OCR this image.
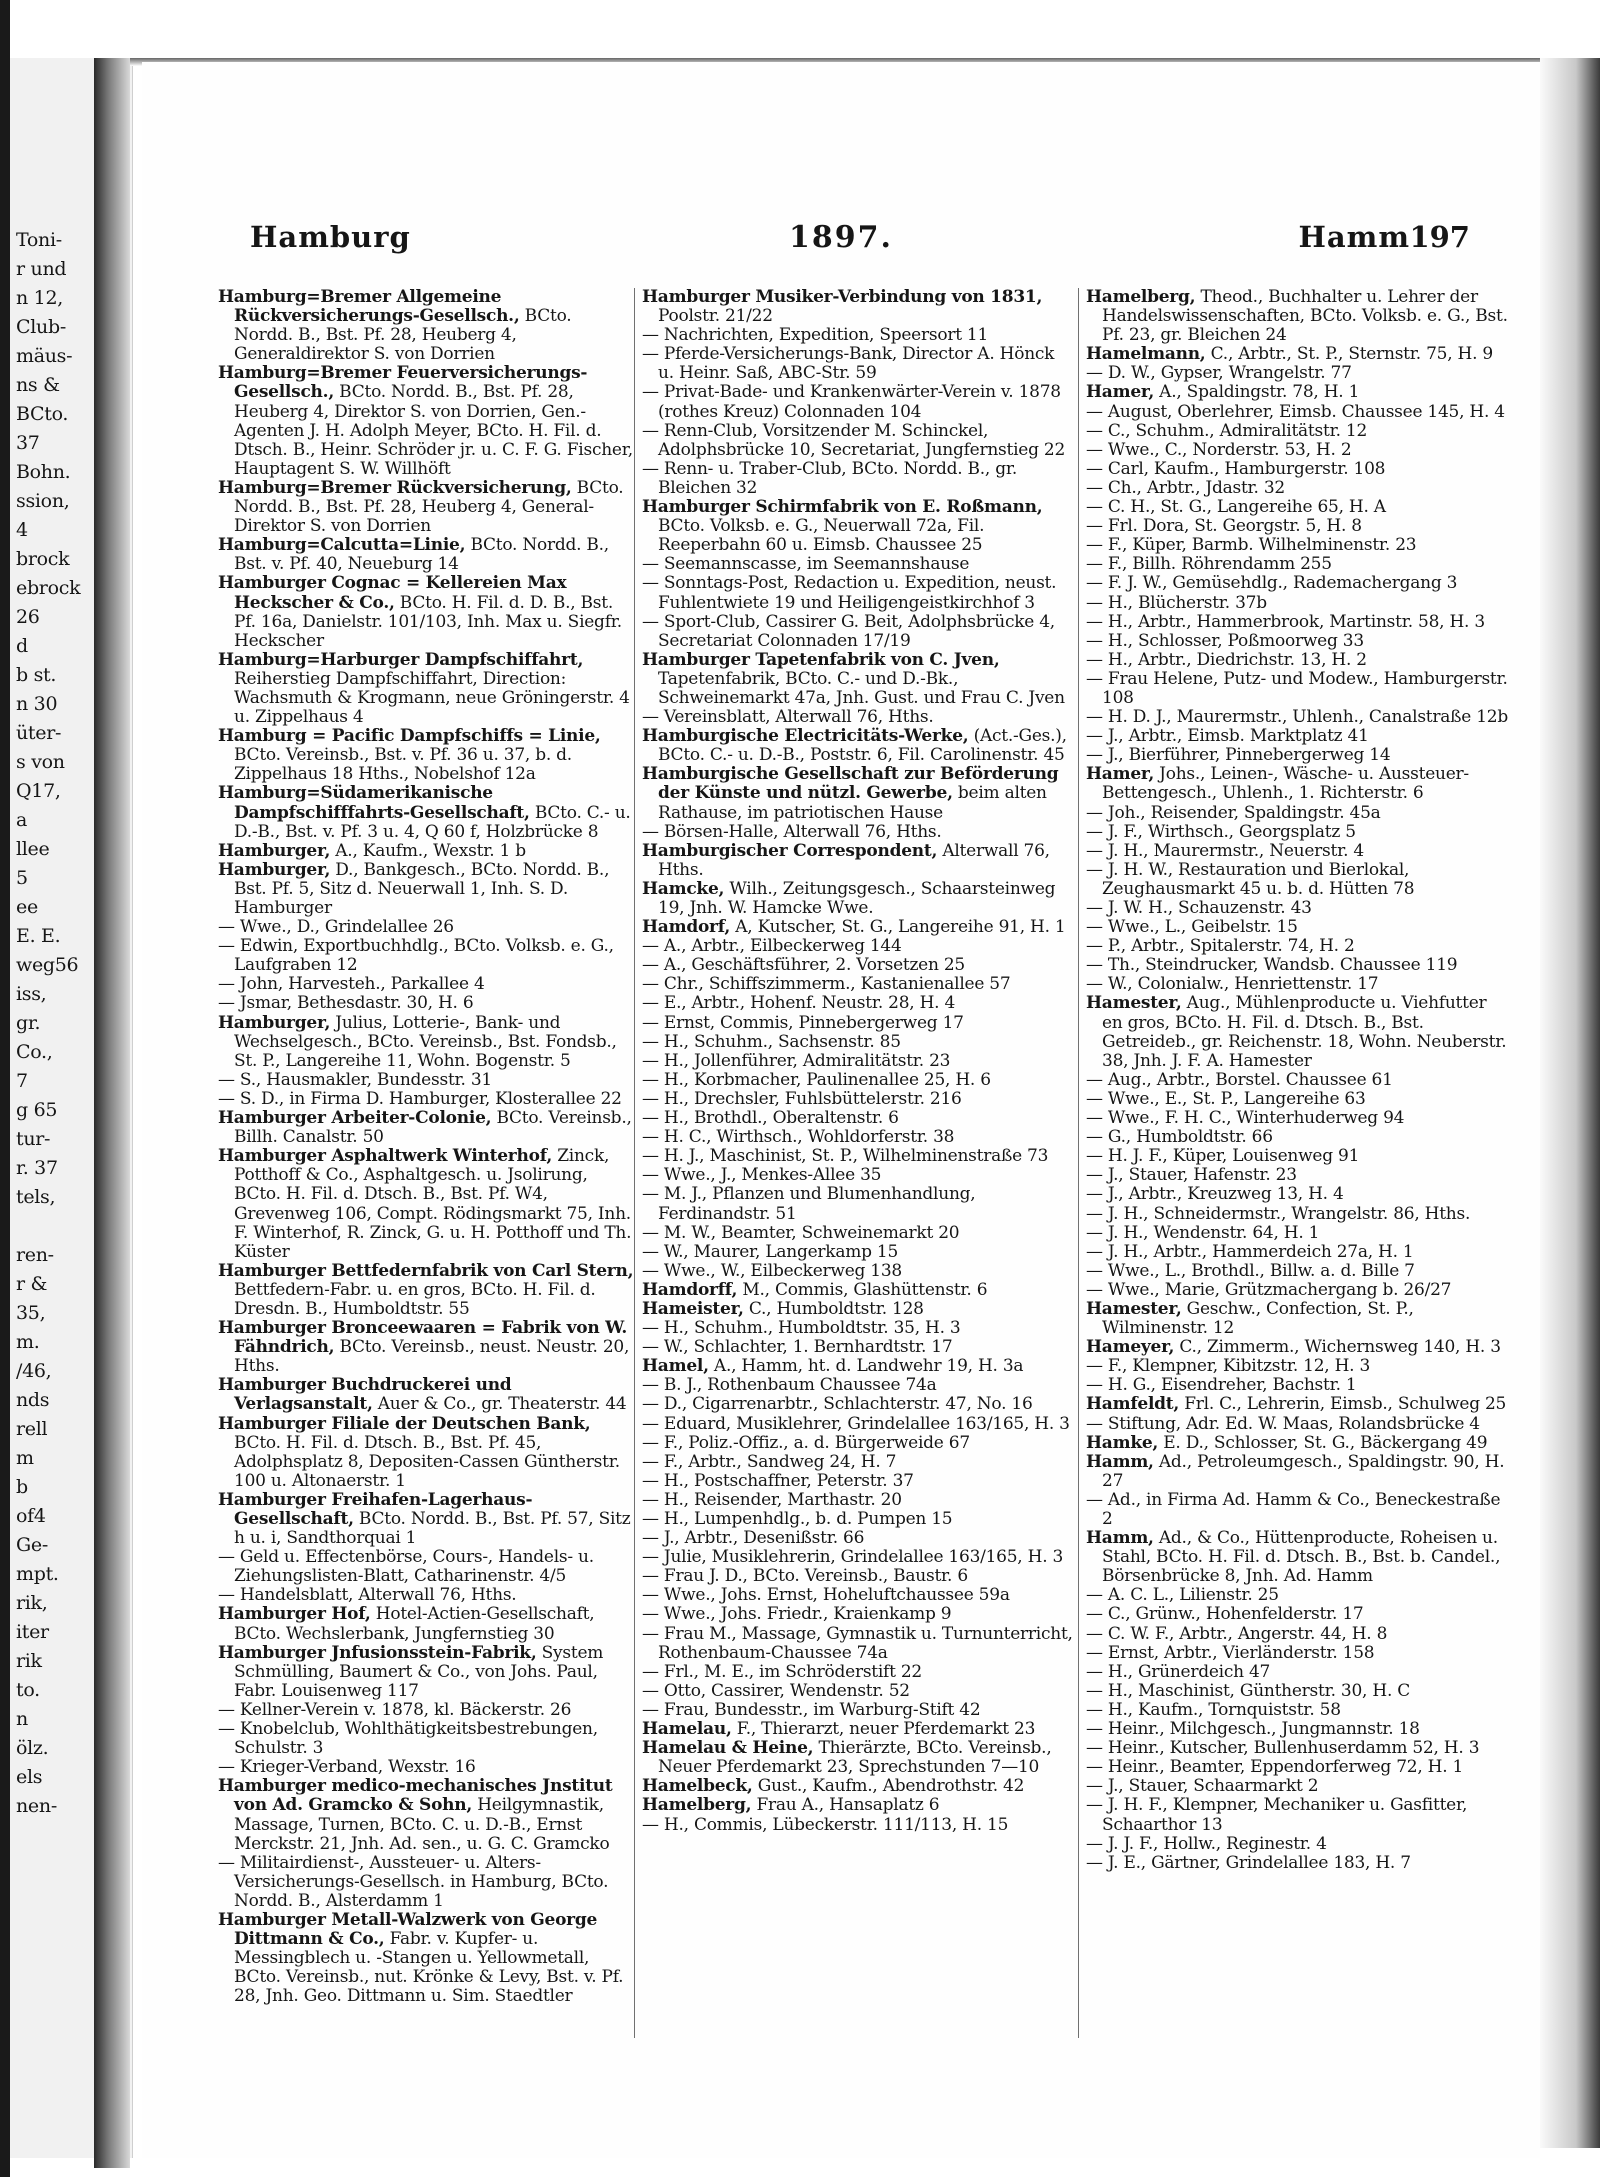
Toni-
r und
n 12,
Club-
mäus-
ns &
BCto.
37
Bohn.
ssion,
4
brock
ebrock
26
d
b st.
n 30
üter-
s von
Q17,
a
llee
5
ee
E. E.
weg56
iss,
gr.
Co.,
7
g 65
tur-
r. 37
tels,
ren-
r &
35,
m.
/46,
nds
rell
m
b
of4
Ge-
mpt.
rik,
iter
rik
to.
n
ölz.
els
nen-
Hamburg	1897.	Hamm 197

Hamburg=Bremer Allgemeine Rückversicherungs-Gesellsch., BCto. Nordd. B., Bst. Pf. 28, Heuberg 4, Generaldirektor S. von Dorrien

Hamburg=Bremer Feuerversicherungs-Gesellsch., BCto. Nordd. B., Bst. Pf. 28, Heuberg 4, Direktor S. von Dorrien, Gen.-Agenten J. H. Adolph Meyer, BCto. H. Fil. d. Dtsch. B., Heinr. Schröder jr. u. C. F. G. Fischer, Hauptagent S. W. Willhöft

Hamburg=Bremer Rückversicherung, BCto. Nordd. B., Bst. Pf. 28, Heuberg 4, General-Direktor S. von Dorrien

Hamburg=Calcutta=Linie, BCto. Nordd. B., Bst. v. Pf. 40, Neueburg 14

Hamburger Cognac = Kellereien Max Heckscher & Co., BCto. H. Fil. d. D. B., Bst. Pf. 16a, Danielstr. 101/103, Inh. Max u. Siegfr. Heckscher

Hamburg=Harburger Dampfschiffahrt, Reiherstieg Dampfschiffahrt, Direction: Wachsmuth & Krogmann, neue Gröningerstr. 4 u. Zippelhaus 4

Hamburg = Pacific Dampfschiffs = Linie, BCto. Vereinsb., Bst. v. Pf. 36 u. 37, b. d. Zippelhaus 18 Hths., Nobelshof 12a

Hamburg=Südamerikanische Dampfschifffahrts-Gesellschaft, BCto. C.- u. D.-B., Bst. v. Pf. 3 u. 4, Q 60 f, Holzbrücke 8

Hamburger, A., Kaufm., Wexstr. 1 b

Hamburger, D., Bankgesch., BCto. Nordd. B., Bst. Pf. 5, Sitz d. Neuerwall 1, Inh. S. D. Hamburger

— Wwe., D., Grindelallee 26

— Edwin, Exportbuchhdlg., BCto. Volksb. e. G., Laufgraben 12

— John, Harvesteh., Parkallee 4

— Jsmar, Bethesdastr. 30, H. 6

Hamburger, Julius, Lotterie-, Bank- und Wechselgesch., BCto. Vereinsb., Bst. Fondsb., St. P., Langereihe 11, Wohn. Bogenstr. 5

— S., Hausmakler, Bundesstr. 31

— S. D., in Firma D. Hamburger, Klosterallee 22

Hamburger Arbeiter-Colonie, BCto. Vereinsb., Billh. Canalstr. 50

Hamburger Asphaltwerk Winterhof, Zinck, Potthoff & Co., Asphaltgesch. u. Jsolirung, BCto. H. Fil. d. Dtsch. B., Bst. Pf. W4, Grevenweg 106, Compt. Rödingsmarkt 75, Inh. F. Winterhof, R. Zinck, G. u. H. Potthoff und Th. Küster

Hamburger Bettfedernfabrik von Carl Stern, Bettfedern-Fabr. u. en gros, BCto. H. Fil. d. Dresdn. B., Humboldtstr. 55

Hamburger Bronceewaaren = Fabrik von W. Fähndrich, BCto. Vereinsb., neust. Neustr. 20, Hths.

Hamburger Buchdruckerei und Verlagsanstalt, Auer & Co., gr. Theaterstr. 44

Hamburger Filiale der Deutschen Bank, BCto. H. Fil. d. Dtsch. B., Bst. Pf. 45, Adolphsplatz 8, Depositen-Cassen Güntherstr. 100 u. Altonaerstr. 1

Hamburger Freihafen-Lagerhaus-Gesellschaft, BCto. Nordd. B., Bst. Pf. 57, Sitz h u. i, Sandthorquai 1

— Geld u. Effectenbörse, Cours-, Handels- u. Ziehungslisten-Blatt, Catharinenstr. 4/5

— Handelsblatt, Alterwall 76, Hths.

Hamburger Hof, Hotel-Actien-Gesellschaft, BCto. Wechslerbank, Jungfernstieg 30

Hamburger Jnfusionsstein-Fabrik, System Schmülling, Baumert & Co., von Johs. Paul, Fabr. Louisenweg 117

— Kellner-Verein v. 1878, kl. Bäckerstr. 26

— Knobelclub, Wohlthätigkeitsbestrebungen, Schulstr. 3

— Krieger-Verband, Wexstr. 16

Hamburger medico-mechanisches Jnstitut von Ad. Gramcko & Sohn, Heilgymnastik, Massage, Turnen, BCto. C. u. D.-B., Ernst Merckstr. 21, Jnh. Ad. sen., u. G. C. Gramcko

— Militairdienst-, Aussteuer- u. Alters-Versicherungs-Gesellsch. in Hamburg, BCto. Nordd. B., Alsterdamm 1

Hamburger Metall-Walzwerk von George Dittmann & Co., Fabr. v. Kupfer- u. Messingblech u. -Stangen u. Yellowmetall, BCto. Vereinsb., nut. Krönke & Levy, Bst. v. Pf. 28, Jnh. Geo. Dittmann u. Sim. Staedtler

Hamburger Musiker-Verbindung von 1831, Poolstr. 21/22

— Nachrichten, Expedition, Speersort 11

— Pferde-Versicherungs-Bank, Director A. Hönck u. Heinr. Saß, ABC-Str. 59

— Privat-Bade- und Krankenwärter-Verein v. 1878 (rothes Kreuz) Colonnaden 104

— Renn-Club, Vorsitzender M. Schinckel, Adolphsbrücke 10, Secretariat, Jungfernstieg 22

— Renn- u. Traber-Club, BCto. Nordd. B., gr. Bleichen 32

Hamburger Schirmfabrik von E. Roßmann, BCto. Volksb. e. G., Neuerwall 72a, Fil. Reeperbahn 60 u. Eimsb. Chaussee 25

— Seemannscasse, im Seemannshause

— Sonntags-Post, Redaction u. Expedition, neust. Fuhlentwiete 19 und Heiligengeistkirchhof 3

— Sport-Club, Cassirer G. Beit, Adolphsbrücke 4, Secretariat Colonnaden 17/19

Hamburger Tapetenfabrik von C. Jven, Tapetenfabrik, BCto. C.- und D.-Bk., Schweinemarkt 47a, Jnh. Gust. und Frau C. Jven

— Vereinsblatt, Alterwall 76, Hths.

Hamburgische Electricitäts-Werke, (Act.-Ges.), BCto. C.- u. D.-B., Poststr. 6, Fil. Carolinenstr. 45

Hamburgische Gesellschaft zur Beförderung der Künste und nützl. Gewerbe, beim alten Rathause, im patriotischen Hause

— Börsen-Halle, Alterwall 76, Hths.

Hamburgischer Correspondent, Alterwall 76, Hths.

Hamcke, Wilh., Zeitungsgesch., Schaarsteinweg 19, Jnh. W. Hamcke Wwe.

Hamdorf, A, Kutscher, St. G., Langereihe 91, H. 1

— A., Arbtr., Eilbeckerweg 144

— A., Geschäftsführer, 2. Vorsetzen 25

— Chr., Schiffszimmerm., Kastanienallee 57

— E., Arbtr., Hohenf. Neustr. 28, H. 4

— Ernst, Commis, Pinnebergerweg 17

— H., Schuhm., Sachsenstr. 85

— H., Jollenführer, Admiralitätstr. 23

— H., Korbmacher, Paulinenallee 25, H. 6

— H., Drechsler, Fuhlsbüttelerstr. 216

— H., Brothdl., Oberaltenstr. 6

— H. C., Wirthsch., Wohldorferstr. 38

— H. J., Maschinist, St. P., Wilhelminenstraße 73

— Wwe., J., Menkes-Allee 35

— M. J., Pflanzen und Blumenhandlung, Ferdinandstr. 51

— M. W., Beamter, Schweinemarkt 20

— W., Maurer, Langerkamp 15

— Wwe., W., Eilbeckerweg 138

Hamdorff, M., Commis, Glashüttenstr. 6

Hameister, C., Humboldtstr. 128

— H., Schuhm., Humboldtstr. 35, H. 3

— W., Schlachter, 1. Bernhardtstr. 17

Hamel, A., Hamm, ht. d. Landwehr 19, H. 3a

— B. J., Rothenbaum Chaussee 74a

— D., Cigarrenarbtr., Schlachterstr. 47, No. 16

— Eduard, Musiklehrer, Grindelallee 163/165, H. 3

— F., Poliz.-Offiz., a. d. Bürgerweide 67

— F., Arbtr., Sandweg 24, H. 7

— H., Postschaffner, Peterstr. 37

— H., Reisender, Marthastr. 20

— H., Lumpenhdlg., b. d. Pumpen 15

— J., Arbtr., Desenißstr. 66

— Julie, Musiklehrerin, Grindelallee 163/165, H. 3

— Frau J. D., BCto. Vereinsb., Baustr. 6

— Wwe., Johs. Ernst, Hoheluftchaussee 59a

— Wwe., Johs. Friedr., Kraienkamp 9

— Frau M., Massage, Gymnastik u. Turnunterricht, Rothenbaum-Chaussee 74a

— Frl., M. E., im Schröderstift 22

— Otto, Cassirer, Wendenstr. 52

— Frau, Bundesstr., im Warburg-Stift 42

Hamelau, F., Thierarzt, neuer Pferdemarkt 23

Hamelau & Heine, Thierärzte, BCto. Vereinsb., Neuer Pferdemarkt 23, Sprechstunden 7—10

Hamelbeck, Gust., Kaufm., Abendrothstr. 42

Hamelberg, Frau A., Hansaplatz 6

— H., Commis, Lübeckerstr. 111/113, H. 15

Hamelberg, Theod., Buchhalter u. Lehrer der Handelswissenschaften, BCto. Volksb. e. G., Bst. Pf. 23, gr. Bleichen 24

Hamelmann, C., Arbtr., St. P., Sternstr. 75, H. 9

— D. W., Gypser, Wrangelstr. 77

Hamer, A., Spaldingstr. 78, H. 1

— August, Oberlehrer, Eimsb. Chaussee 145, H. 4

— C., Schuhm., Admiralitätstr. 12

— Wwe., C., Norderstr. 53, H. 2

— Carl, Kaufm., Hamburgerstr. 108

— Ch., Arbtr., Jdastr. 32

— C. H., St. G., Langereihe 65, H. A

— Frl. Dora, St. Georgstr. 5, H. 8

— F., Küper, Barmb. Wilhelminenstr. 23

— F., Billh. Röhrendamm 255

— F. J. W., Gemüsehdlg., Rademachergang 3

— H., Blücherstr. 37b

— H., Arbtr., Hammerbrook, Martinstr. 58, H. 3

— H., Schlosser, Poßmoorweg 33

— H., Arbtr., Diedrichstr. 13, H. 2

— Frau Helene, Putz- und Modew., Hamburgerstr. 108

— H. D. J., Maurermstr., Uhlenh., Canalstraße 12b

— J., Arbtr., Eimsb. Marktplatz 41

— J., Bierführer, Pinnebergerweg 14

Hamer, Johs., Leinen-, Wäsche- u. Aussteuer-Bettengesch., Uhlenh., 1. Richterstr. 6

— Joh., Reisender, Spaldingstr. 45a

— J. F., Wirthsch., Georgsplatz 5

— J. H., Maurermstr., Neuerstr. 4

— J. H. W., Restauration und Bierlokal, Zeughausmarkt 45 u. b. d. Hütten 78

— J. W. H., Schauzenstr. 43

— Wwe., L., Geibelstr. 15

— P., Arbtr., Spitalerstr. 74, H. 2

— Th., Steindrucker, Wandsb. Chaussee 119

— W., Colonialw., Henriettenstr. 17

Hamester, Aug., Mühlenproducte u. Viehfutter en gros, BCto. H. Fil. d. Dtsch. B., Bst. Getreideb., gr. Reichenstr. 18, Wohn. Neuberstr. 38, Jnh. J. F. A. Hamester

— Aug., Arbtr., Borstel. Chaussee 61

— Wwe., E., St. P., Langereihe 63

— Wwe., F. H. C., Winterhuderweg 94

— G., Humboldtstr. 66

— H. J. F., Küper, Louisenweg 91

— J., Stauer, Hafenstr. 23

— J., Arbtr., Kreuzweg 13, H. 4

— J. H., Schneidermstr., Wrangelstr. 86, Hths.

— J. H., Wendenstr. 64, H. 1

— J. H., Arbtr., Hammerdeich 27a, H. 1

— Wwe., L., Brothdl., Billw. a. d. Bille 7

— Wwe., Marie, Grützmachergang b. 26/27

Hamester, Geschw., Confection, St. P., Wilminenstr. 12

Hameyer, C., Zimmerm., Wichernsweg 140, H. 3

— F., Klempner, Kibitzstr. 12, H. 3

— H. G., Eisendreher, Bachstr. 1

Hamfeldt, Frl. C., Lehrerin, Eimsb., Schulweg 25

— Stiftung, Adr. Ed. W. Maas, Rolandsbrücke 4

Hamke, E. D., Schlosser, St. G., Bäckergang 49

Hamm, Ad., Petroleumgesch., Spaldingstr. 90, H. 27

— Ad., in Firma Ad. Hamm & Co., Beneckestraße 2

Hamm, Ad., & Co., Hüttenproducte, Roheisen u. Stahl, BCto. H. Fil. d. Dtsch. B., Bst. b. Candel., Börsenbrücke 8, Jnh. Ad. Hamm

— A. C. L., Lilienstr. 25

— C., Grünw., Hohenfelderstr. 17

— C. W. F., Arbtr., Angerstr. 44, H. 8

— Ernst, Arbtr., Vierländerstr. 158

— H., Grünerdeich 47

— H., Maschinist, Güntherstr. 30, H. C

— H., Kaufm., Tornquiststr. 58

— Heinr., Milchgesch., Jungmannstr. 18

— Heinr., Kutscher, Bullenhuserdamm 52, H. 3

— Heinr., Beamter, Eppendorferweg 72, H. 1

— J., Stauer, Schaarmarkt 2

— J. H. F., Klempner, Mechaniker u. Gasfitter, Schaarthor 13

— J. J. F., Hollw., Reginestr. 4

— J. E., Gärtner, Grindelallee 183, H. 7
